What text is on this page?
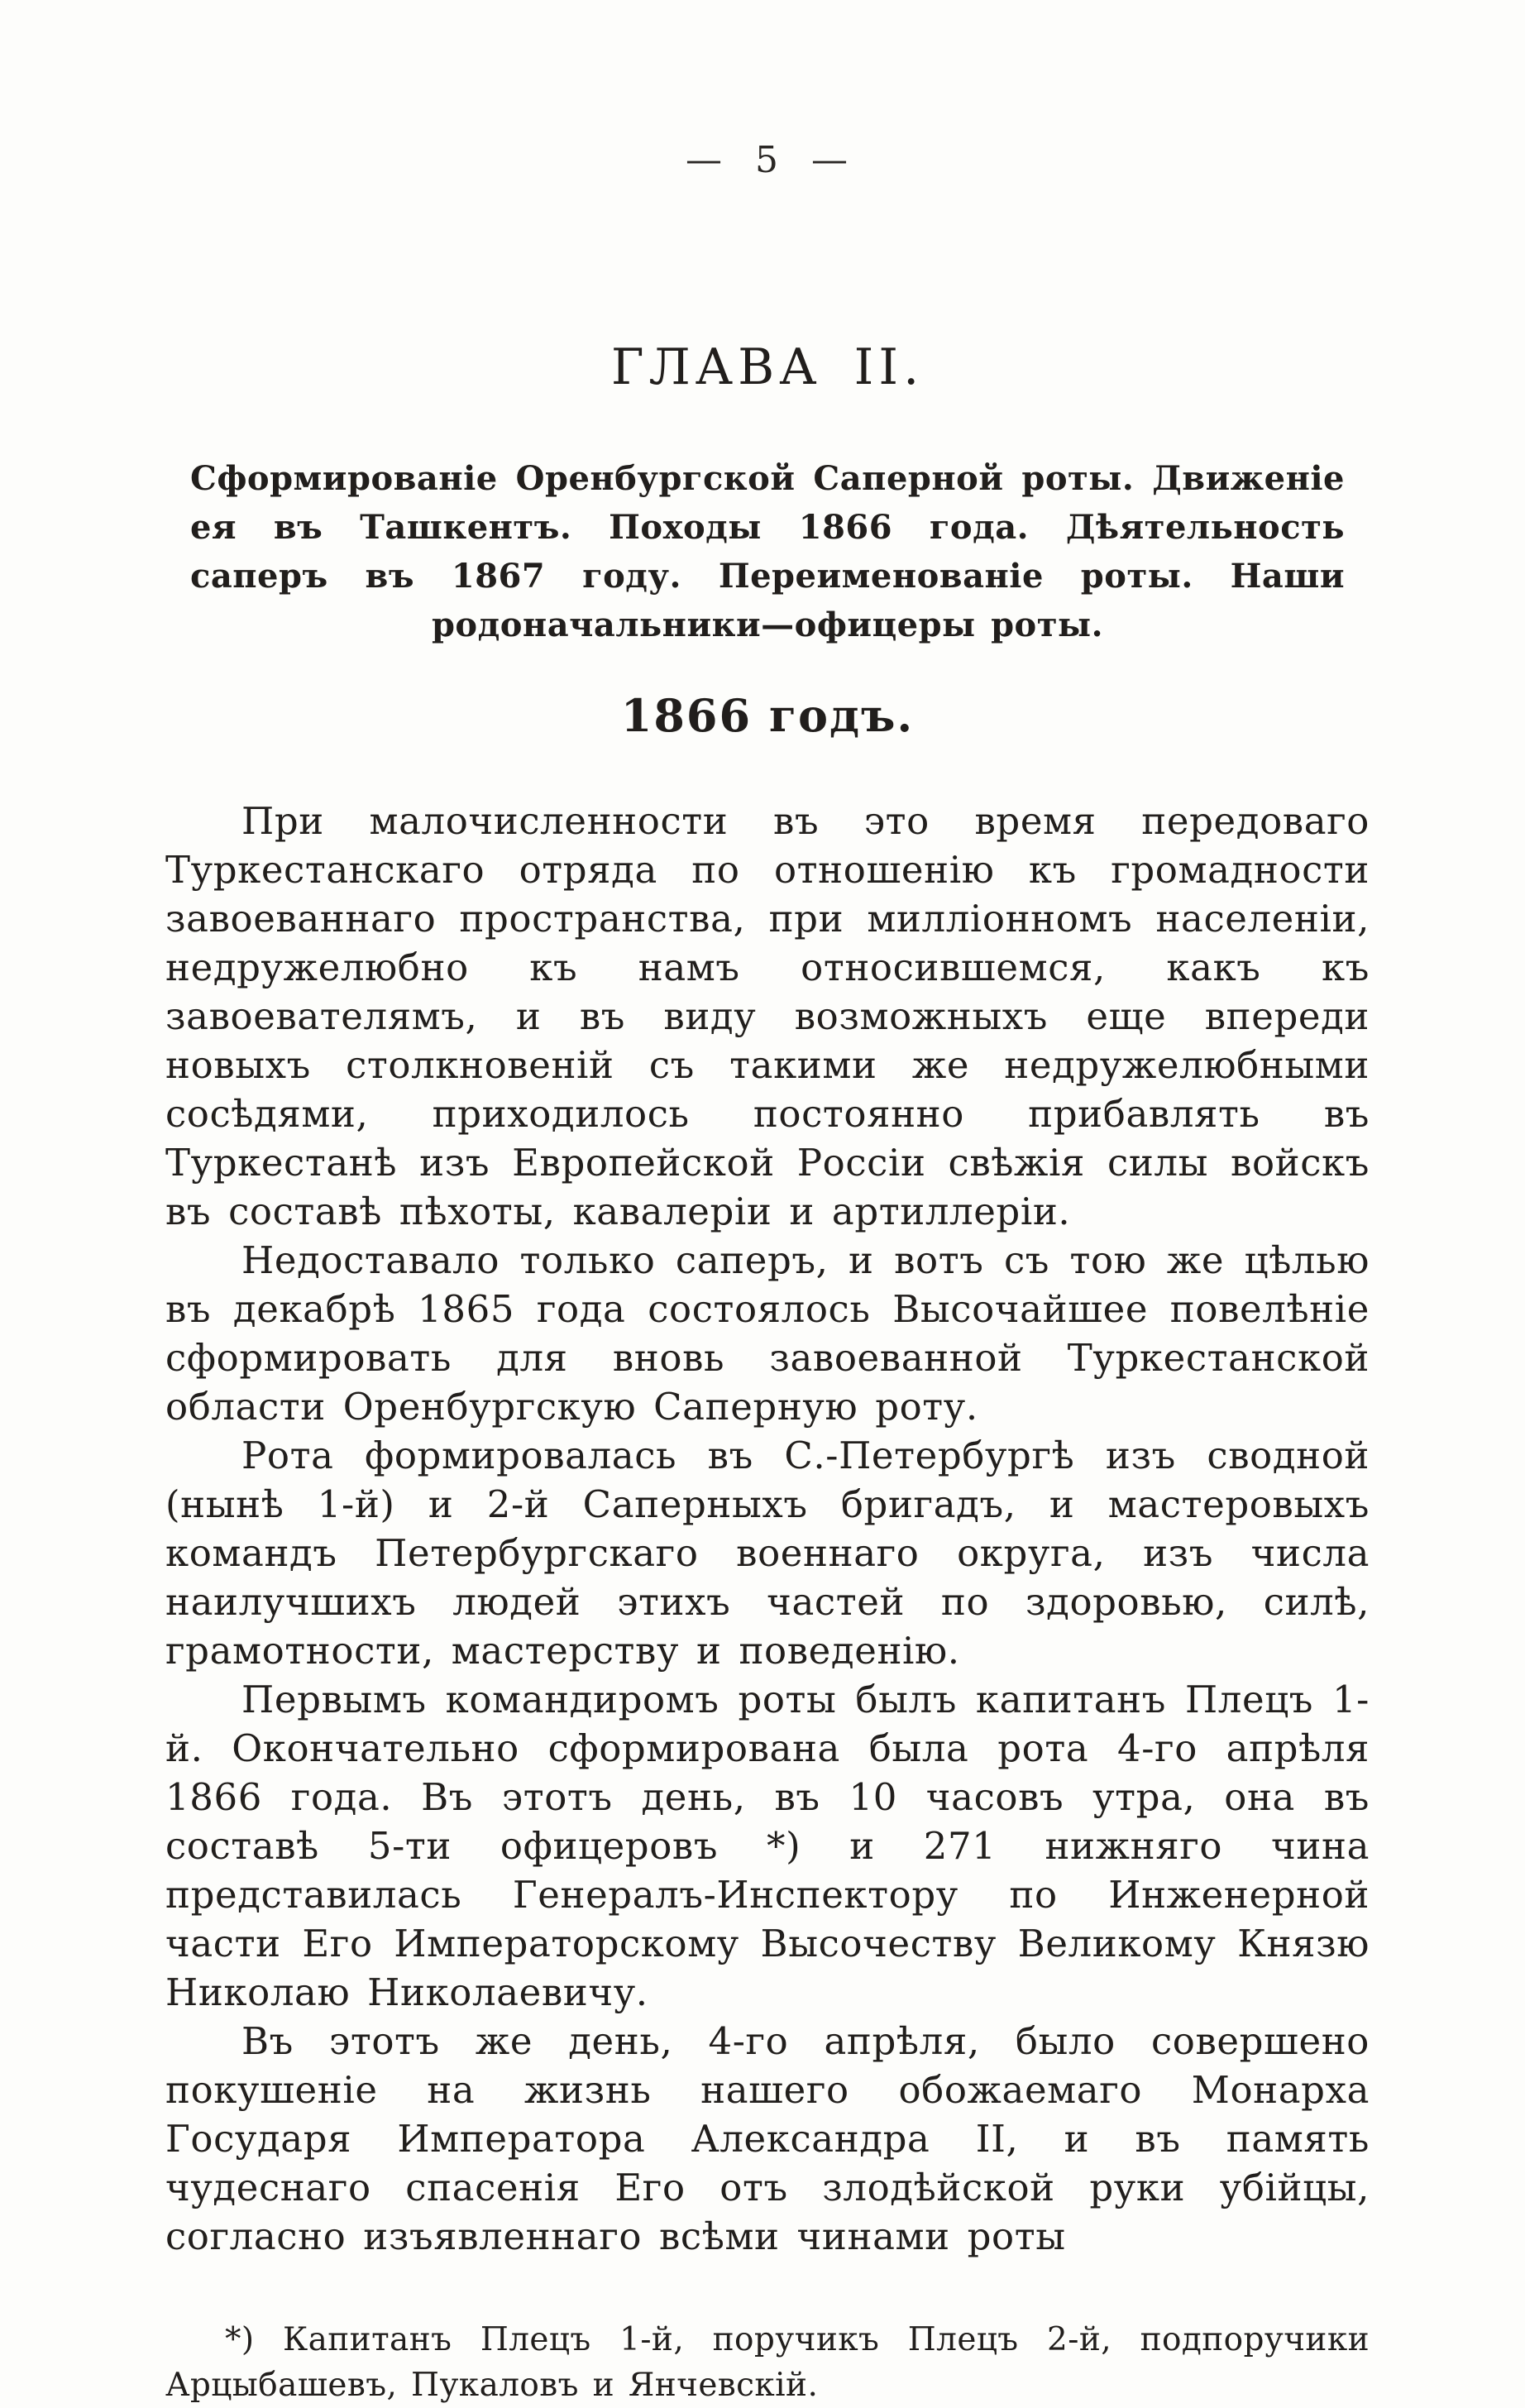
— 5 —
ГЛАВА II.

Сформированіе Оренбургской Саперной роты. Движеніе ея въ Ташкентъ. Походы 1866 года. Дѣятельность саперъ въ 1867 году. Переименованіе роты. Наши родоначальники—офицеры роты.

1866 годъ.

При малочисленности въ это время передоваго Туркестанскаго отряда по отношенію къ громадности завоеваннаго пространства, при милліонномъ населеніи, недружелюбно къ намъ относившемся, какъ къ завоевателямъ, и въ виду возможныхъ еще впереди новыхъ столкновеній съ такими же недружелюбными сосѣдями, приходилось постоянно прибавлять въ Туркестанѣ изъ Европейской Россіи свѣжія силы войскъ въ составѣ пѣхоты, кавалеріи и артиллеріи.

Недоставало только саперъ, и вотъ съ тою же цѣлью въ декабрѣ 1865 года состоялось Высочайшее повелѣніе сформировать для вновь завоеванной Туркестанской области Оренбургскую Саперную роту.

Рота формировалась въ С.-Петербургѣ изъ сводной (нынѣ 1-й) и 2-й Саперныхъ бригадъ, и мастеровыхъ командъ Петербургскаго военнаго округа, изъ числа наилучшихъ людей этихъ частей по здоровью, силѣ, грамотности, мастерству и поведенію.

Первымъ командиромъ роты былъ капитанъ Плецъ 1-й. Окончательно сформирована была рота 4-го апрѣля 1866 года. Въ этотъ день, въ 10 часовъ утра, она въ составѣ 5-ти офицеровъ *) и 271 нижняго чина представилась Генералъ-Инспектору по Инженерной части Его Императорскому Высочеству Великому Князю Николаю Николаевичу.

Въ этотъ же день, 4-го апрѣля, было совершено покушеніе на жизнь нашего обожаемаго Монарха Государя Императора Александра II, и въ память чудеснаго спасенія Его отъ злодѣйской руки убійцы, согласно изъявленнаго всѣми чинами роты

*) Капитанъ Плецъ 1-й, поручикъ Плецъ 2-й, подпоручики Арцыбашевъ, Пукаловъ и Янчевскій.
